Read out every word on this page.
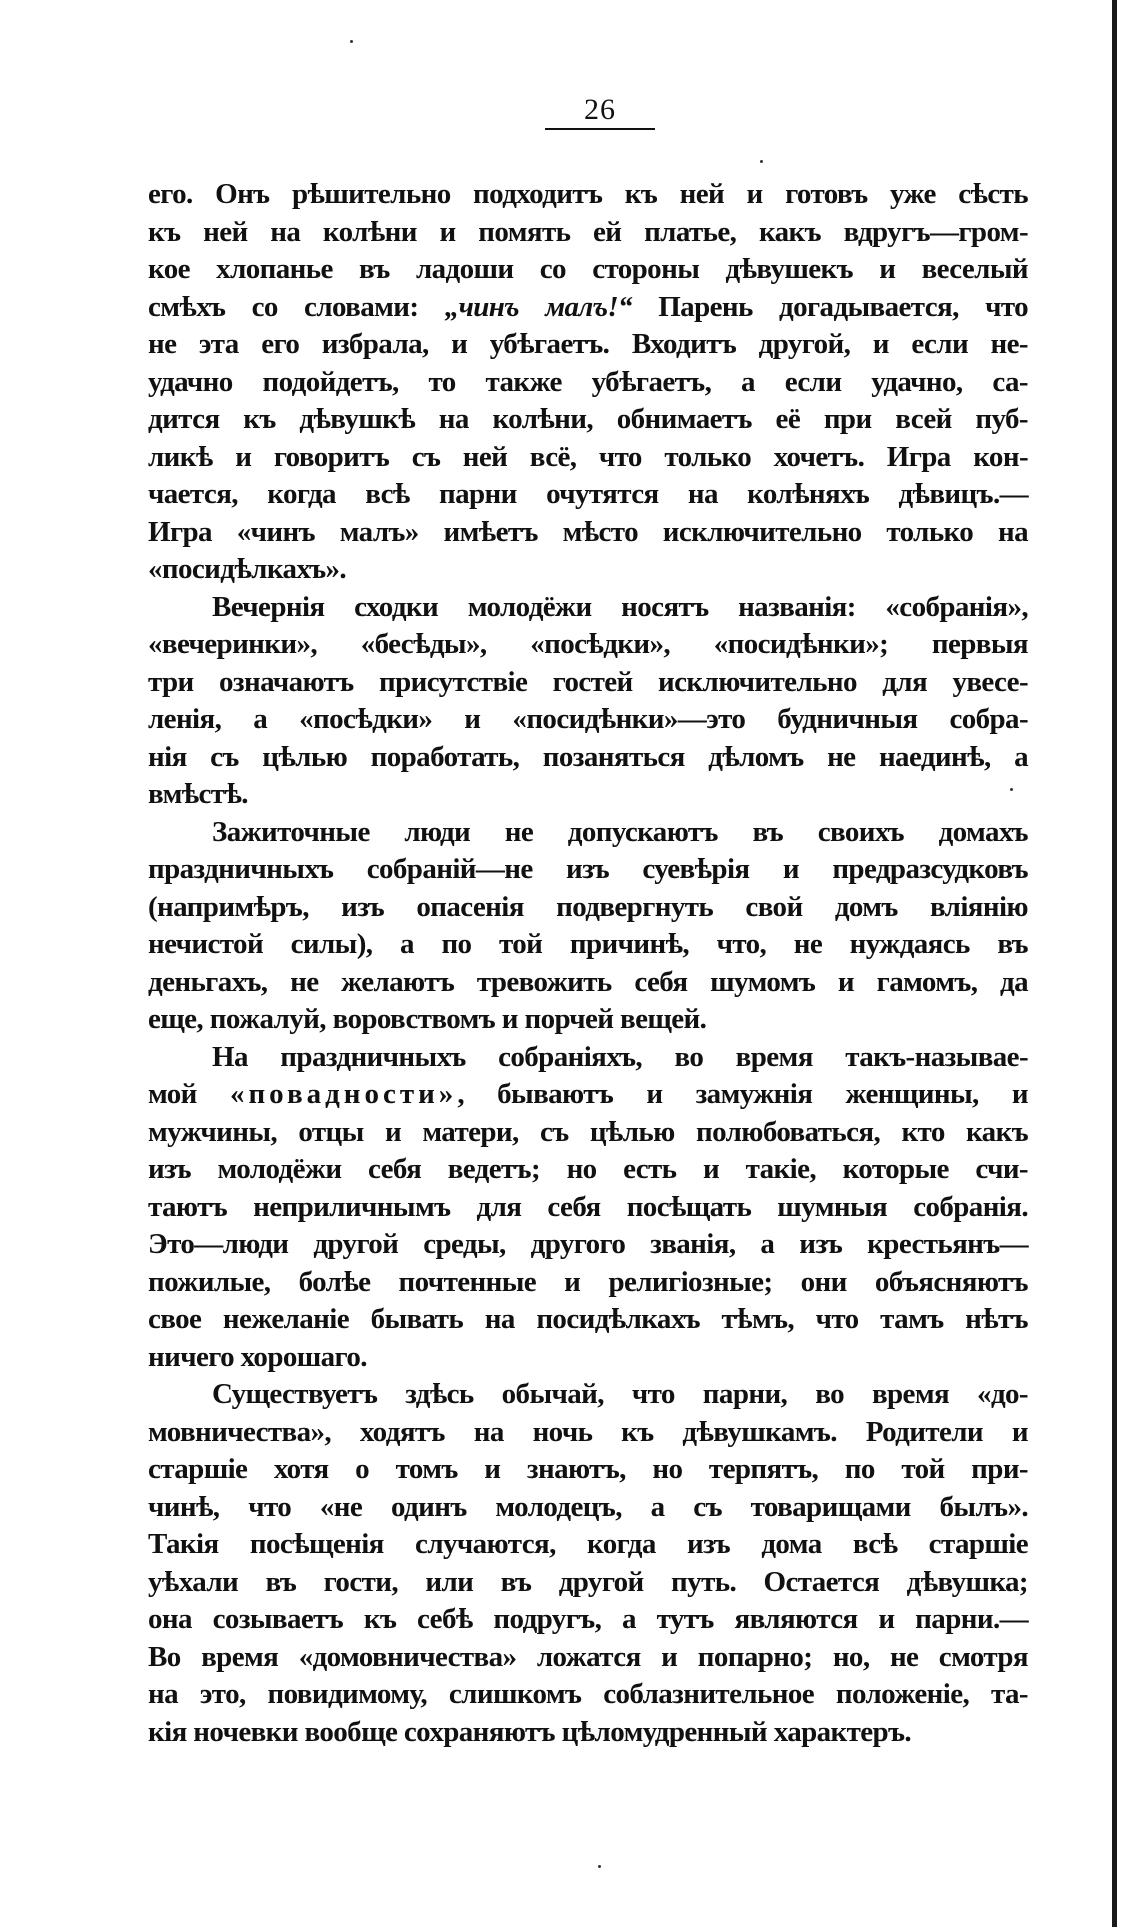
26
его. Онъ рѣшительно подходитъ къ ней и готовъ уже сѣсть
къ ней на колѣни и помять ей платье, какъ вдругъ—гром-
кое хлопанье въ ладоши со стороны дѣвушекъ и веселый
смѣхъ со словами: „чинъ малъ!“ Парень догадывается, что
не эта его избрала, и убѣгаетъ. Входитъ другой, и если не-
удачно подойдетъ, то также убѣгаетъ, а если удачно, са-
дится къ дѣвушкѣ на колѣни, обнимаетъ её при всей пуб-
ликѣ и говоритъ съ ней всё, что только хочетъ. Игра кон-
чается, когда всѣ парни очутятся на колѣняхъ дѣвицъ.—
Игра «чинъ малъ» имѣетъ мѣсто исключительно только на
«посидѣлкахъ».
Вечернія сходки молодёжи носятъ названія: «собранія»,
«вечеринки», «бесѣды», «посѣдки», «посидѣнки»; первыя
три означаютъ присутствіе гостей исключительно для увесе-
ленія, а «посѣдки» и «посидѣнки»—это будничныя собра-
нія съ цѣлью поработать, позаняться дѣломъ не наединѣ, а
вмѣстѣ.
Зажиточные люди не допускаютъ въ своихъ домахъ
праздничныхъ собраній—не изъ суевѣрія и предразсудковъ
(напримѣръ, изъ опасенія подвергнуть свой домъ вліянію
нечистой силы), а по той причинѣ, что, не нуждаясь въ
деньгахъ, не желаютъ тревожить себя шумомъ и гамомъ, да
еще, пожалуй, воровствомъ и порчей вещей.
На праздничныхъ собраніяхъ, во время такъ-называе-
мой «повадности», бываютъ и замужнія женщины, и
мужчины, отцы и матери, съ цѣлью полюбоваться, кто какъ
изъ молодёжи себя ведетъ; но есть и такіе, которые счи-
таютъ неприличнымъ для себя посѣщать шумныя собранія.
Это—люди другой среды, другого званія, а изъ крестьянъ—
пожилые, болѣе почтенные и религіозные; они объясняютъ
свое нежеланіе бывать на посидѣлкахъ тѣмъ, что тамъ нѣтъ
ничего хорошаго.
Существуетъ здѣсь обычай, что парни, во время «до-
мовничества», ходятъ на ночь къ дѣвушкамъ. Родители и
старшіе хотя о томъ и знаютъ, но терпятъ, по той при-
чинѣ, что «не одинъ молодецъ, а съ товарищами былъ».
Такія посѣщенія случаются, когда изъ дома всѣ старшіе
уѣхали въ гости, или въ другой путь. Остается дѣвушка;
она созываетъ къ себѣ подругъ, а тутъ являются и парни.—
Во время «домовничества» ложатся и попарно; но, не смотря
на это, повидимому, слишкомъ соблазнительное положеніе, та-
кія ночевки вообще сохраняютъ цѣломудренный характеръ.
